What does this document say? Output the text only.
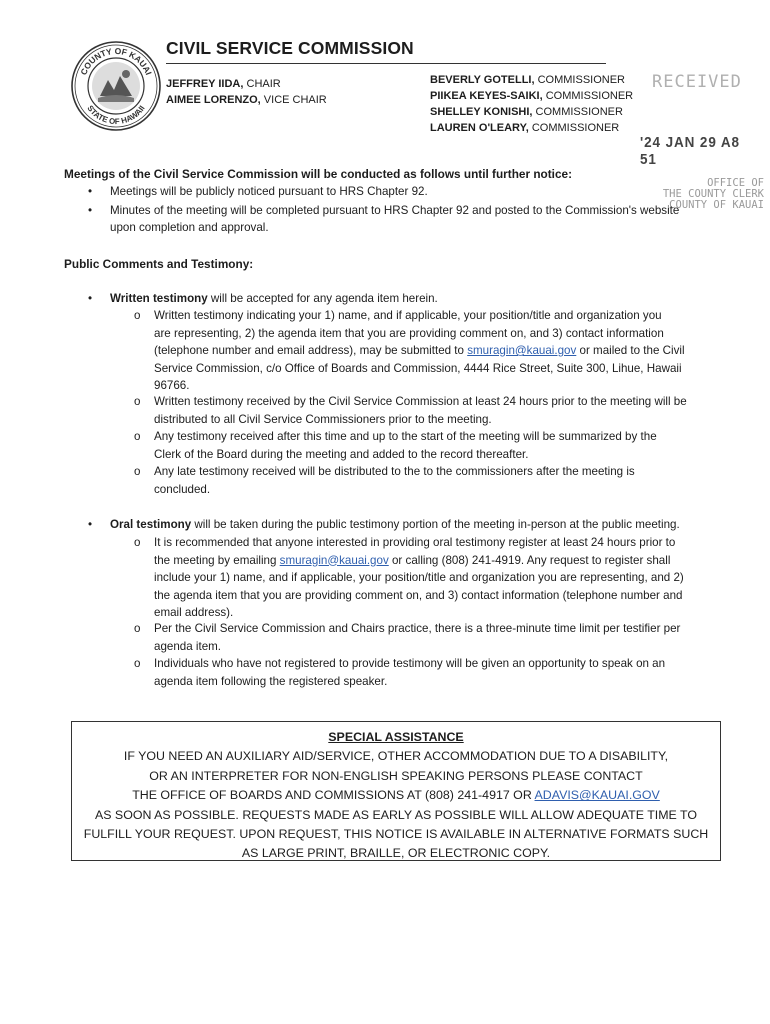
COUNTY OF KAUAI
STATE OF HAWAII
CIVIL SERVICE COMMISSION
JEFFREY IIDA, CHAIR
AIMEE LORENZO, VICE CHAIR
BEVERLY GOTELLI, COMMISSIONER
PIIKEA KEYES-SAIKI, COMMISSIONER
SHELLEY KONISHI, COMMISSIONER
LAUREN O'LEARY, COMMISSIONER
RECEIVED
'24 JAN 29 A8 51
OFFICE OF
THE COUNTY CLERK
COUNTY OF KAUAI
Meetings of the Civil Service Commission will be conducted as follows until further notice:
• Meetings will be publicly noticed pursuant to HRS Chapter 92.
• Minutes of the meeting will be completed pursuant to HRS Chapter 92 and posted to the Commission's website
upon completion and approval.
Public Comments and Testimony:
• Written testimony will be accepted for any agenda item herein.
o Written testimony indicating your 1) name, and if applicable, your position/title and organization you
are representing, 2) the agenda item that you are providing comment on, and 3) contact information
(telephone number and email address), may be submitted to smuragin@kauai.gov or mailed to the Civil
Service Commission, c/o Office of Boards and Commission, 4444 Rice Street, Suite 300, Lihue, Hawaii
96766.
o Written testimony received by the Civil Service Commission at least 24 hours prior to the meeting will be
distributed to all Civil Service Commissioners prior to the meeting.
o Any testimony received after this time and up to the start of the meeting will be summarized by the
Clerk of the Board during the meeting and added to the record thereafter.
o Any late testimony received will be distributed to the to the commissioners after the meeting is
concluded.
• Oral testimony will be taken during the public testimony portion of the meeting in-person at the public meeting.
o It is recommended that anyone interested in providing oral testimony register at least 24 hours prior to
the meeting by emailing smuragin@kauai.gov or calling (808) 241-4919. Any request to register shall
include your 1) name, and if applicable, your position/title and organization you are representing, and 2)
the agenda item that you are providing comment on, and 3) contact information (telephone number and
email address).
o Per the Civil Service Commission and Chairs practice, there is a three-minute time limit per testifier per
agenda item.
o Individuals who have not registered to provide testimony will be given an opportunity to speak on an
agenda item following the registered speaker.
SPECIAL ASSISTANCE
IF YOU NEED AN AUXILIARY AID/SERVICE, OTHER ACCOMMODATION DUE TO A DISABILITY,
OR AN INTERPRETER FOR NON-ENGLISH SPEAKING PERSONS PLEASE CONTACT
THE OFFICE OF BOARDS AND COMMISSIONS AT (808) 241-4917 OR ADAVIS@KAUAI.GOV
AS SOON AS POSSIBLE. REQUESTS MADE AS EARLY AS POSSIBLE WILL ALLOW ADEQUATE TIME TO
FULFILL YOUR REQUEST. UPON REQUEST, THIS NOTICE IS AVAILABLE IN ALTERNATIVE FORMATS SUCH
AS LARGE PRINT, BRAILLE, OR ELECTRONIC COPY.
